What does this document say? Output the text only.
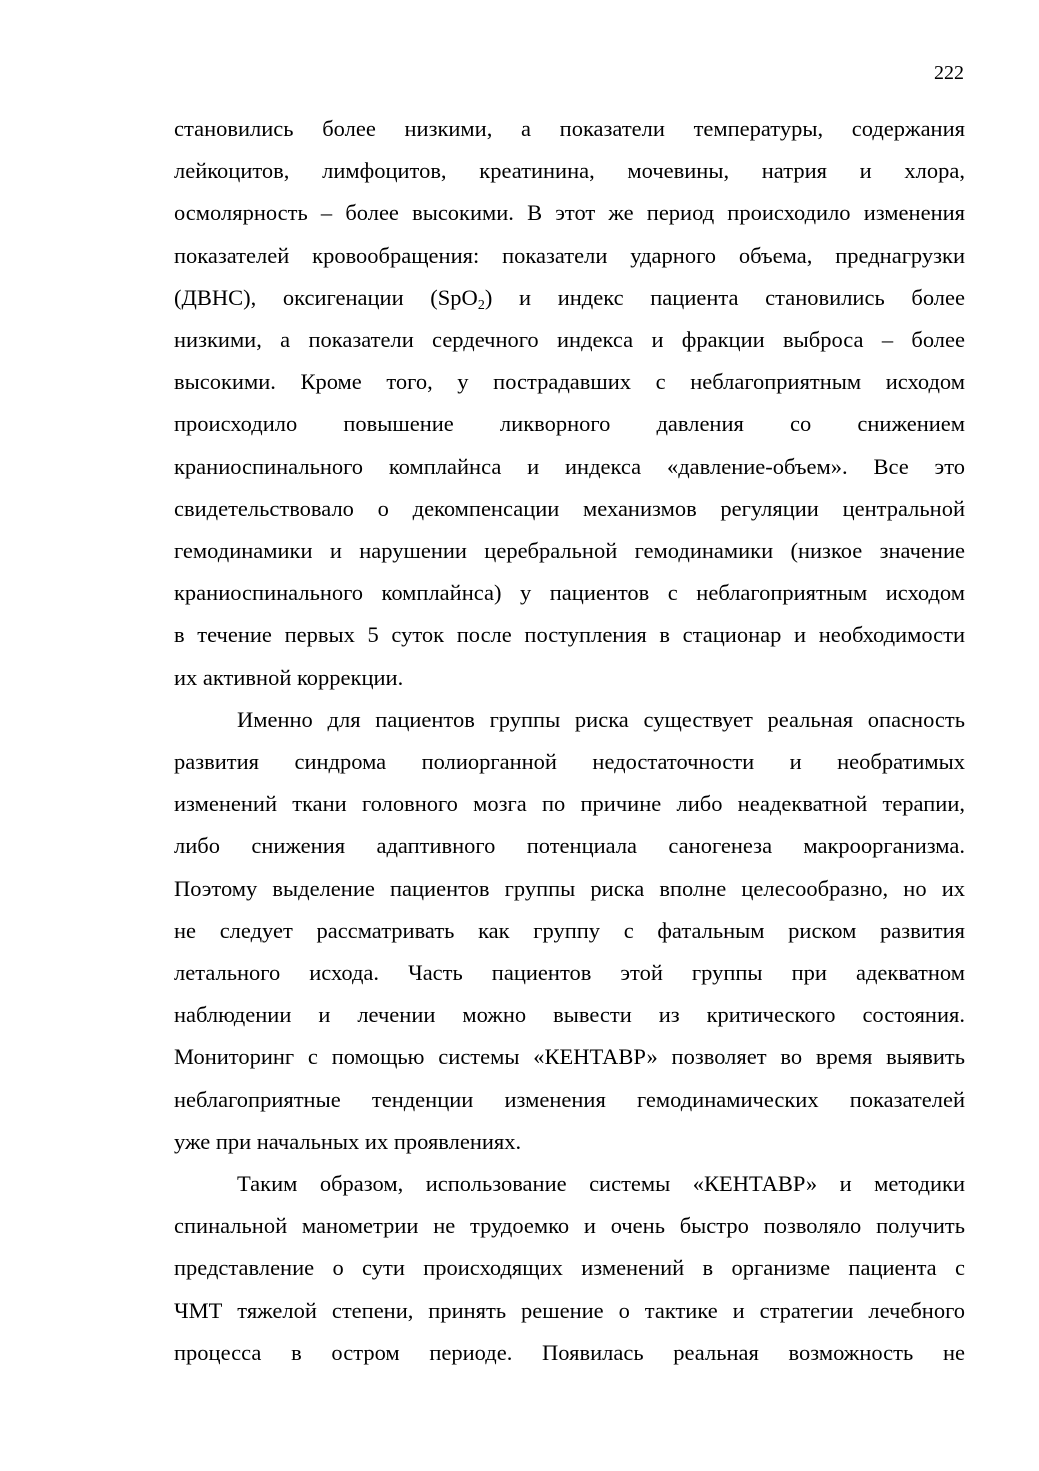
222

становились более низкими, а показатели температуры, содержания
лейкоцитов, лимфоцитов, креатинина, мочевины, натрия и хлора,
осмолярность – более высокими. В этот же период происходило изменения
показателей кровообращения: показатели ударного объема, преднагрузки
(ДВНС), оксигенации (SpO$_2$) и индекс пациента становились более
низкими, а показатели сердечного индекса и фракции выброса – более
высокими. Кроме того, у пострадавших с неблагоприятным исходом
происходило повышение ликворного давления со снижением
краниоспинального комплайнса и индекса «давление-объем». Все это
свидетельствовало о декомпенсации механизмов регуляции центральной
гемодинамики и нарушении церебральной гемодинамики (низкое значение
краниоспинального комплайнса) у пациентов с неблагоприятным исходом
в течение первых 5 суток после поступления в стационар и необходимости

их активной коррекции.

Именно для пациентов группы риска существует реальная опасность

развития синдрома полиорганной недостаточности и необратимых
изменений ткани головного мозга по причине либо неадекватной терапии,
либо снижения адаптивного потенциала саногенеза макроорганизма.
Поэтому выделение пациентов группы риска вполне целесообразно, но их
не следует рассматривать как группу с фатальным риском развития
летального исхода. Часть пациентов этой группы при адекватном
наблюдении и лечении можно вывести из критического состояния.
Мониторинг с помощью системы «КЕНТАВР» позволяет во время выявить
неблагоприятные тенденции изменения гемодинамических показателей

уже при начальных их проявлениях.

Таким образом, использование системы «КЕНТАВР» и методики

спинальной манометрии не трудоемко и очень быстро позволяло получить
представление о сути происходящих изменений в организме пациента с
ЧМТ тяжелой степени, принять решение о тактике и стратегии лечебного
процесса в остром периоде. Появилась реальная возможность не
